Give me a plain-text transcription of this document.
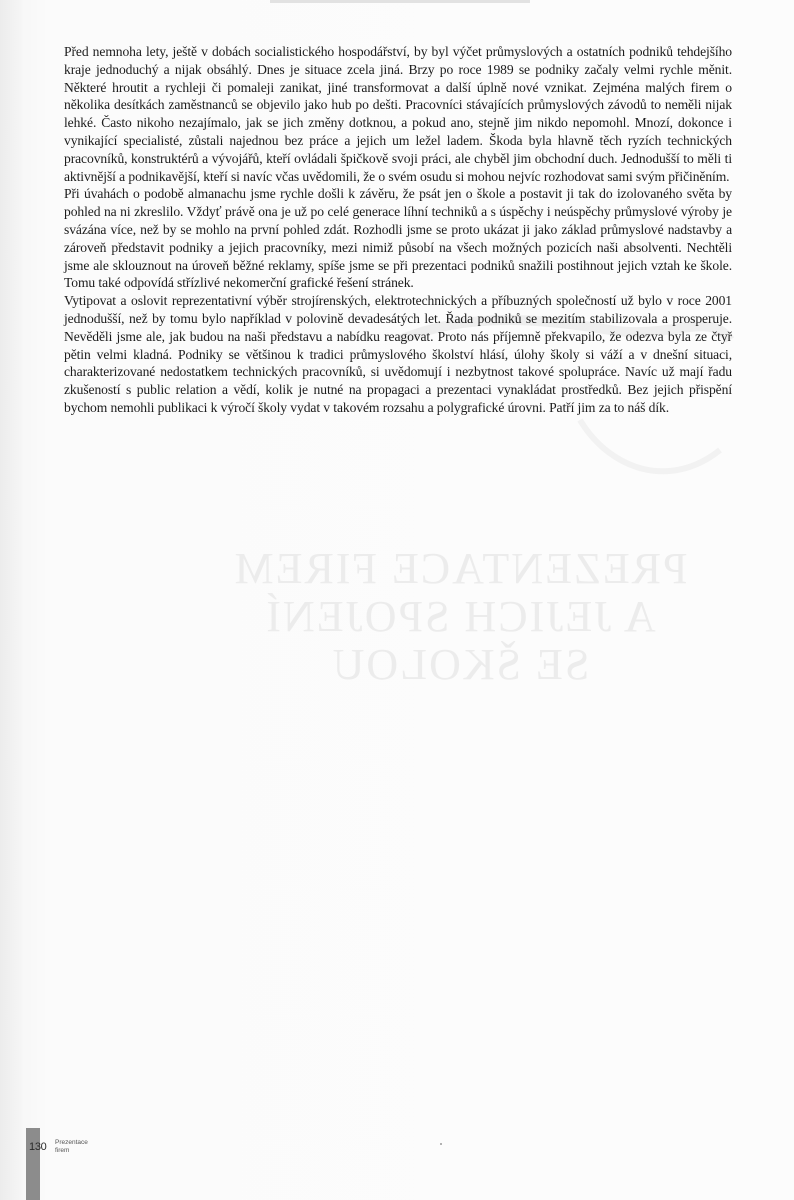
PREZENTACE FIREM
A JEJICH SPOJENÍ
SE ŠKOLOU

Před nemnoha lety, ještě v dobách socialistického hospodářství, by byl výčet průmyslových a ostatních podniků tehdejšího kraje jednoduchý a nijak obsáhlý. Dnes je situace zcela jiná. Brzy po roce 1989 se podniky začaly velmi rychle měnit. Některé hroutit a rychleji či pomaleji zanikat, jiné transformovat a další úplně nové vznikat. Zejména malých firem o několika desítkách zaměstnanců se objevilo jako hub po dešti. Pracovníci stávajících průmyslových závodů to neměli nijak lehké. Často nikoho nezajímalo, jak se jich změny dotknou, a pokud ano, stejně jim nikdo nepomohl. Mnozí, dokonce i vynikající specialisté, zůstali najednou bez práce a jejich um ležel ladem. Škoda byla hlavně těch ryzích technických pracovníků, konstruktérů a vývojářů, kteří ovládali špičkově svoji práci, ale chyběl jim obchodní duch. Jednodušší to měli ti aktivnější a podnikavější, kteří si navíc včas uvědomili, že o svém osudu si mohou nejvíc rozhodovat sami svým přičiněním.

Při úvahách o podobě almanachu jsme rychle došli k závěru, že psát jen o škole a postavit ji tak do izolovaného světa by pohled na ni zkreslilo. Vždyť právě ona je už po celé generace líhní techniků a s úspěchy i neúspěchy průmyslové výroby je svázána více, než by se mohlo na první pohled zdát. Rozhodli jsme se proto ukázat ji jako základ průmyslové nadstavby a zároveň představit podniky a jejich pracovníky, mezi nimiž působí na všech možných pozicích naši absolventi. Nechtěli jsme ale sklouznout na úroveň běžné reklamy, spíše jsme se při prezentaci podniků snažili postihnout jejich vztah ke škole. Tomu také odpovídá střízlivé nekomerční grafické řešení stránek.

Vytipovat a oslovit reprezentativní výběr strojírenských, elektrotechnických a příbuzných společností už bylo v roce 2001 jednodušší, než by tomu bylo například v polovině devadesátých let. Řada podniků se mezitím stabilizovala a prosperuje. Nevěděli jsme ale, jak budou na naši představu a nabídku reagovat. Proto nás příjemně překvapilo, že odezva byla ze čtyř pětin velmi kladná. Podniky se většinou k tradici průmyslového školství hlásí, úlohy školy si váží a v dnešní situaci, charakterizované nedostatkem technických pracovníků, si uvědomují i nezbytnost takové spolupráce. Navíc už mají řadu zkušeností s public relation a vědí, kolik je nutné na propagaci a prezentaci vynakládat prostředků. Bez jejich přispění bychom nemohli publikaci k výročí školy vydat v takovém rozsahu a polygrafické úrovni. Patří jim za to náš dík.

130 Prezentace
firem
